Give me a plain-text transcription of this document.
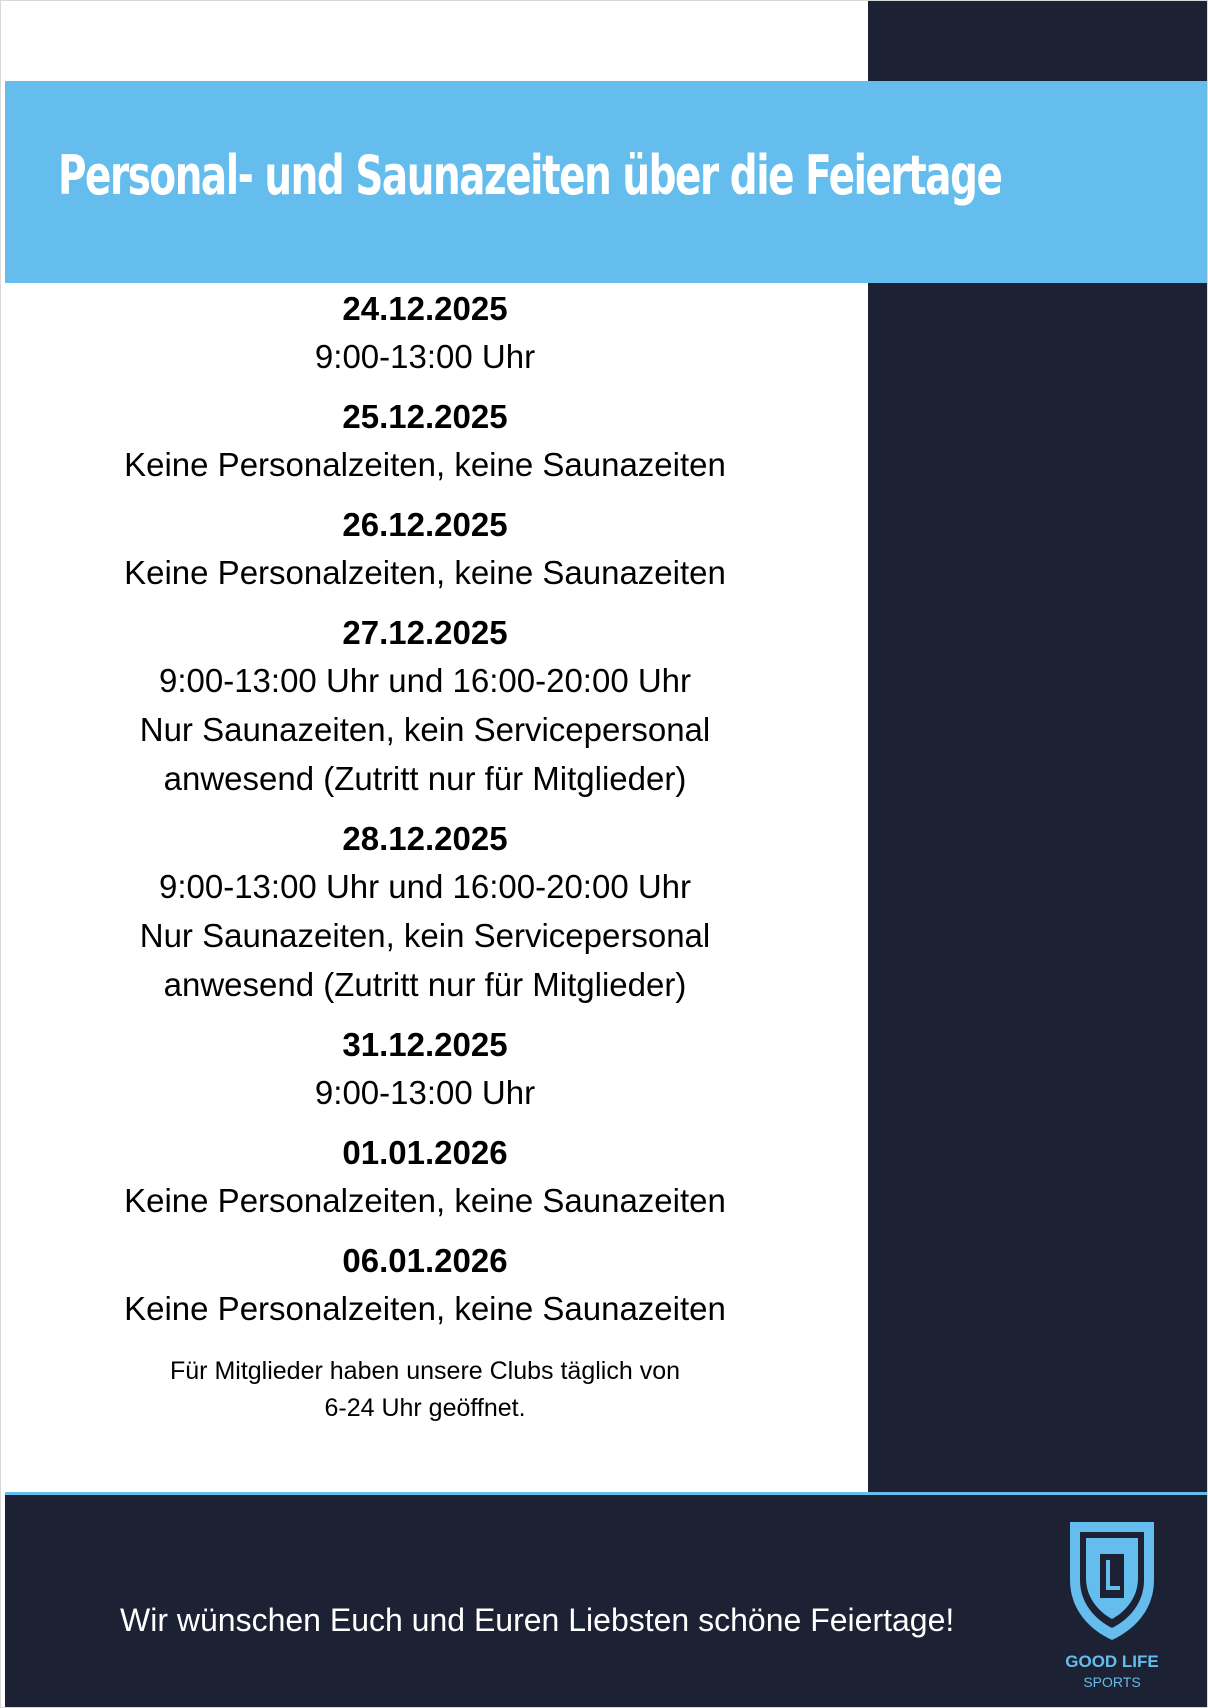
Personal- und Saunazeiten über die Feiertage
24.12.2025
9:00-13:00 Uhr
25.12.2025
Keine Personalzeiten, keine Saunazeiten
26.12.2025
Keine Personalzeiten, keine Saunazeiten
27.12.2025
9:00-13:00 Uhr und 16:00-20:00 Uhr
Nur Saunazeiten, kein Servicepersonal
anwesend (Zutritt nur für Mitglieder)
28.12.2025
9:00-13:00 Uhr und 16:00-20:00 Uhr
Nur Saunazeiten, kein Servicepersonal
anwesend (Zutritt nur für Mitglieder)
31.12.2025
9:00-13:00 Uhr
01.01.2026
Keine Personalzeiten, keine Saunazeiten
06.01.2026
Keine Personalzeiten, keine Saunazeiten
Für Mitglieder haben unsere Clubs täglich von
6-24 Uhr geöffnet.
Wir wünschen Euch und Euren Liebsten schöne Feiertage!
GOOD LIFE
SPORTS
